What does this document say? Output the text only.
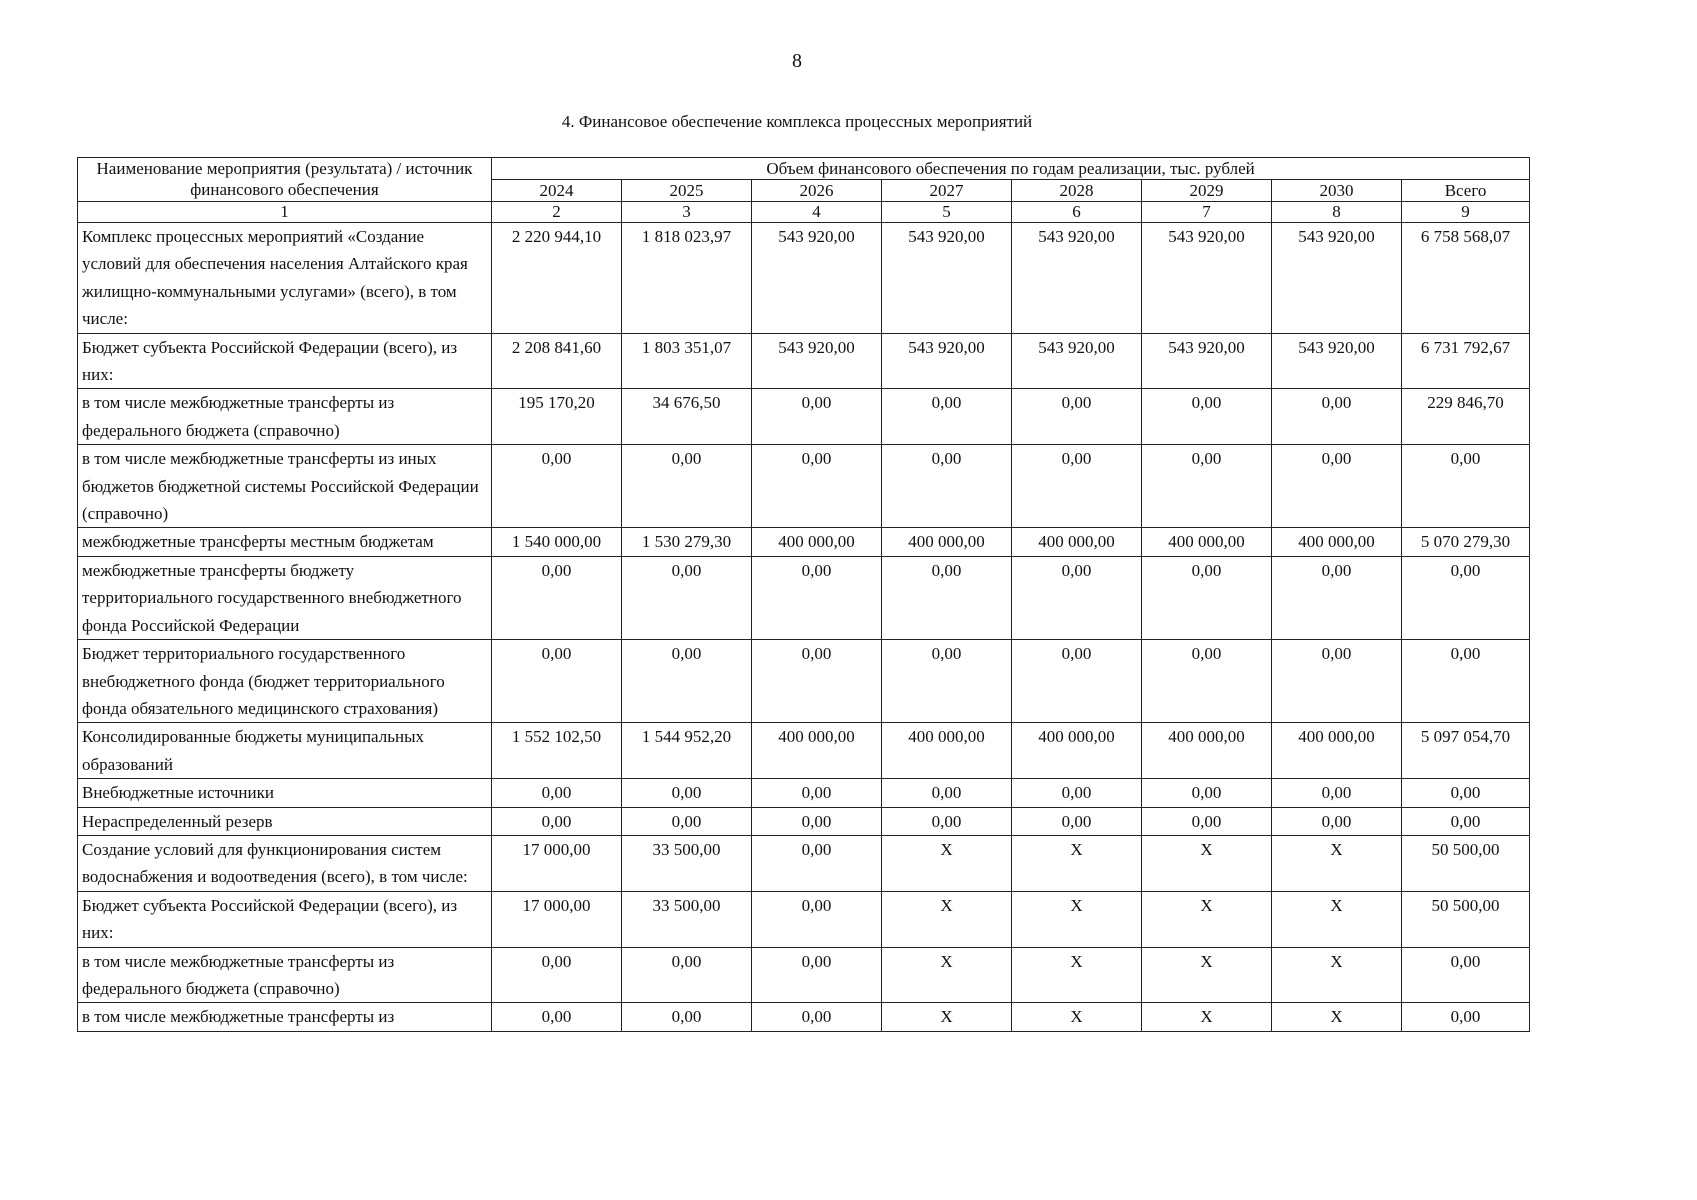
8
4. Финансовое обеспечение комплекса процессных мероприятий
Наименование мероприятия (результата) / источник финансового обеспечения	Объем финансового обеспечения по годам реализации, тыс. рублей							
	2024	2025	2026	2027	2028	2029	2030	Всего
1	2	3	4	5	6	7	8	9
Комплекс процессных мероприятий «Создание условий для обеспечения населения Алтайского края жилищно-коммунальными услугами» (всего), в том числе:	2 220 944,10	1 818 023,97	543 920,00	543 920,00	543 920,00	543 920,00	543 920,00	6 758 568,07
Бюджет субъекта Российской Федерации (всего), из них:	2 208 841,60	1 803 351,07	543 920,00	543 920,00	543 920,00	543 920,00	543 920,00	6 731 792,67
в том числе межбюджетные трансферты из федерального бюджета (справочно)	195 170,20	34 676,50	0,00	0,00	0,00	0,00	0,00	229 846,70
в том числе межбюджетные трансферты из иных бюджетов бюджетной системы Российской Федерации (справочно)	0,00	0,00	0,00	0,00	0,00	0,00	0,00	0,00
межбюджетные трансферты местным бюджетам	1 540 000,00	1 530 279,30	400 000,00	400 000,00	400 000,00	400 000,00	400 000,00	5 070 279,30
межбюджетные трансферты бюджету территориального государственного внебюджетного фонда Российской Федерации	0,00	0,00	0,00	0,00	0,00	0,00	0,00	0,00
Бюджет территориального государственного внебюджетного фонда (бюджет территориального фонда обязательного медицинского страхования)	0,00	0,00	0,00	0,00	0,00	0,00	0,00	0,00
Консолидированные бюджеты муниципальных образований	1 552 102,50	1 544 952,20	400 000,00	400 000,00	400 000,00	400 000,00	400 000,00	5 097 054,70
Внебюджетные источники	0,00	0,00	0,00	0,00	0,00	0,00	0,00	0,00
Нераспределенный резерв	0,00	0,00	0,00	0,00	0,00	0,00	0,00	0,00
Создание условий для функционирования систем водоснабжения и водоотведения (всего), в том числе:	17 000,00	33 500,00	0,00	X	X	X	X	50 500,00
Бюджет субъекта Российской Федерации (всего), из них:	17 000,00	33 500,00	0,00	X	X	X	X	50 500,00
в том числе межбюджетные трансферты из федерального бюджета (справочно)	0,00	0,00	0,00	X	X	X	X	0,00
в том числе межбюджетные трансферты из	0,00	0,00	0,00	X	X	X	X	0,00
